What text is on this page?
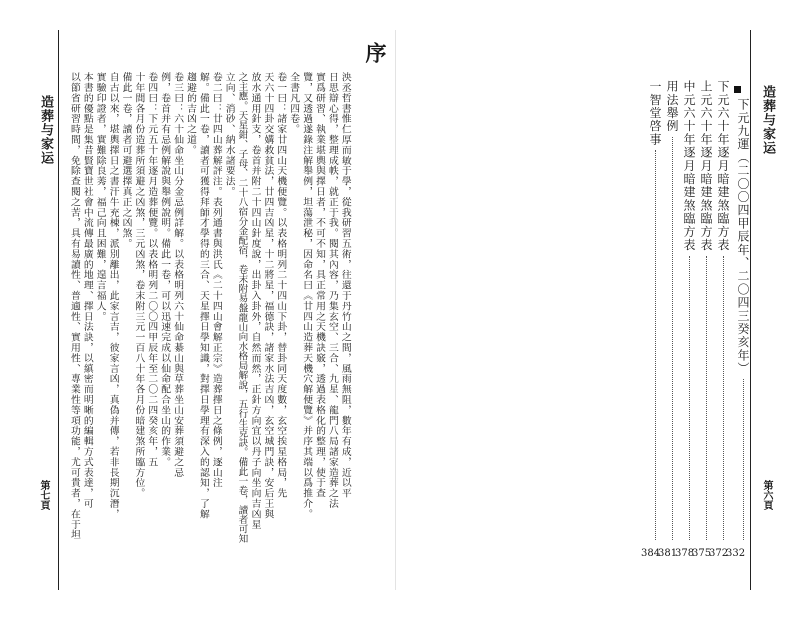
造葬与家运
第七頁
序
泱丞哲書惟仁厚而敏于學，從我研習五術，往還于丹竹山之間，風雨無阻，數年有成，近以平
日思辯心得，整理成帙，就正于我。閱其內容，乃集玄空、三合、九星、龍門八局諸家造葬之法
實爲研習、執業堪輿與擇日者，不可不知，具正常用之天機訣竅，透過表格化的整理，使于查
覽，又透過遂錄注解舉例，坦蕩泄秘，因命名曰《廿四山造葬天機穴解便覽》并序其端以爲推介。
全書凡四卷。
卷一曰：諸家廿四山天機便覽。以表格明列二十四山下卦，替卦同天度數，玄空挨星格局，先
天六十四卦交媾救貧法，廿四吉凶星，十二將星，福德訣，諸家水法吉凶，玄空城門訣，安后王與
放水通用針支，卷首并附二十四山針度說，出卦入卦外，自然而然，正針方向宜以丹子向坐向吉凶星
之主應。天星鉗、子母、二十八宿分金配宿，卷末附易盤龍山向水格局解說，五行生克訣。備此一卷，讀者可知
立向、消砂、納水諸要法。
卷二曰：廿四山葬解評注。表列通書與洪氏《二十四山會解正宗》造葬擇日之條例，逐山注
解。備此一卷，讀者可獲得拜師才學得的三合、天星擇日學知識，對擇日學理有深入的認知，了解
趨避的吉凶之道。
卷三曰：六十仙命坐山分金忌例詳解。以表格明列六十仙命綦山與草葬坐山安葬須避之忌
例，卷首并有忌例解說與舉例說明。備此一卷，可以迅速完成以仙命配合坐山的作業。
卷四曰：下元五十年逐月造葬便覽。以表格明列二〇〇四甲辰年至二〇二四癸亥年，五
十年間各月份造葬所須避之凶煞，三元凶煞，卷末附三元一百八十年各月份暗建煞所臨方位。
備此一卷，讀者可避選擇真正之凶煞。
自古以來，堪輿擇日之書汗牛充棟，派別離出，此家言吉，彼家言凶，真偽并傳，若非長期沉潛，
實驗印證者，實難除良莠，福己向且困難，遑言福人。
本書的優點是集昔賢寶世社會中流傳最廣的地理、擇日法訣，以縝密而明晰的編輯方式表達，可
以節省研習時間，免除查閱之苦，具有易讀性、普適性、實用性、專業性等項功能，尤可貴者，在于坦	造葬与家运
第六頁
下元九運（二〇〇四甲辰年、二〇四三癸亥年）
下元六十年逐月暗建煞臨方表
上元六十年逐月暗建煞臨方表
中元六十年逐月暗建煞臨方表
用法舉例
一智堂啓事
384
381
378
375
372
332
